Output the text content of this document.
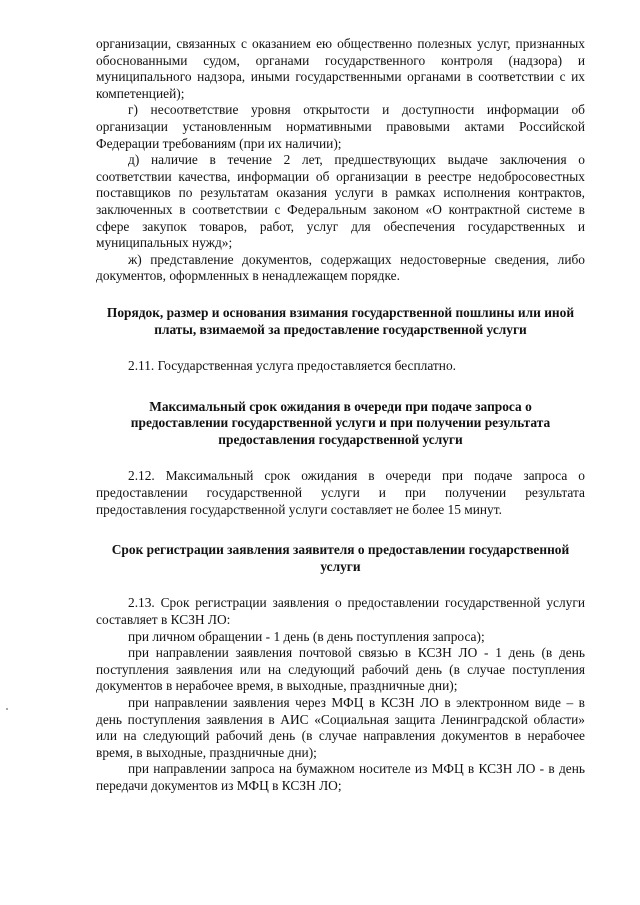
организации, связанных с оказанием ею общественно полезных услуг, признанных обоснованными судом, органами государственного контроля (надзора) и муниципального надзора, иными государственными органами в соответствии с их компетенцией);

г) несоответствие уровня открытости и доступности информации об организации установленным нормативными правовыми актами Российской Федерации требованиям (при их наличии);

д) наличие в течение 2 лет, предшествующих выдаче заключения о соответствии качества, информации об организации в реестре недобросовестных поставщиков по результатам оказания услуги в рамках исполнения контрактов, заключенных в соответствии с Федеральным законом «О контрактной системе в сфере закупок товаров, работ, услуг для обеспечения государственных и муниципальных нужд»;

ж) представление документов, содержащих недостоверные сведения, либо документов, оформленных в ненадлежащем порядке.

Порядок, размер и основания взимания государственной пошлины или иной платы, взимаемой за предоставление государственной услуги

2.11. Государственная услуга предоставляется бесплатно.

Максимальный срок ожидания в очереди при подаче запроса о предоставлении государственной услуги и при получении результата предоставления государственной услуги

2.12. Максимальный срок ожидания в очереди при подаче запроса о предоставлении государственной услуги и при получении результата предоставления государственной услуги составляет не более 15 минут.

Срок регистрации заявления заявителя о предоставлении государственной услуги

2.13. Срок регистрации заявления о предоставлении государственной услуги составляет в КСЗН ЛО:

при личном обращении - 1 день (в день поступления запроса);

при направлении заявления почтовой связью в КСЗН ЛО - 1 день (в день поступления заявления или на следующий рабочий день (в случае поступления документов в нерабочее время, в выходные, праздничные дни);

при направлении заявления через МФЦ в КСЗН ЛО в электронном виде – в день поступления заявления в АИС «Социальная защита Ленинградской области» или на следующий рабочий день (в случае направления документов в нерабочее время, в выходные, праздничные дни);

при направлении запроса на бумажном носителе из МФЦ в КСЗН ЛО - в день передачи документов из МФЦ в КСЗН ЛО;
